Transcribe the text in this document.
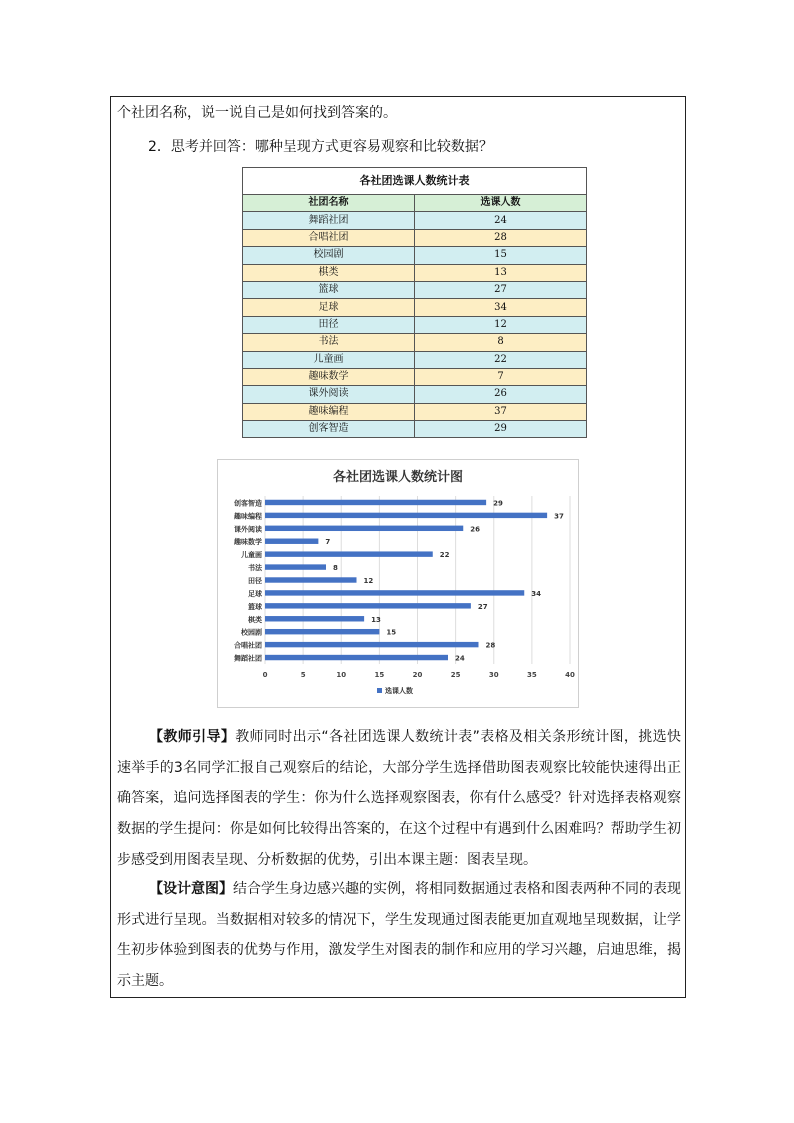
个社团名称，说一说自己是如何找到答案的。
2．思考并回答：哪种呈现方式更容易观察和比较数据？
各社团选课人数统计表	
社团名称	选课人数
舞蹈社团	24
合唱社团	28
校园剧	15
棋类	13
篮球	27
足球	34
田径	12
书法	8
儿童画	22
趣味数学	7
课外阅读	26
趣味编程	37
创客智造	29
各社团选课人数统计图
0	5	10	15	20	25	30	35	40
舞蹈社团	24
合唱社团	28
校园剧	15
棋类	13
篮球	27
足球	34
田径	12
书法	8
儿童画	22
趣味数学	7
课外阅读	26
趣味编程	37
创客智造	29
选课人数

【教师引导】教师同时出示“各社团选课人数统计表”表格及相关条形统计图，挑选快速举手的3名同学汇报自己观察后的结论，大部分学生选择借助图表观察比较能快速得出正确答案，追问选择图表的学生：你为什么选择观察图表，你有什么感受？针对选择表格观察数据的学生提问：你是如何比较得出答案的，在这个过程中有遇到什么困难吗？帮助学生初步感受到用图表呈现、分析数据的优势，引出本课主题：图表呈现。

【设计意图】结合学生身边感兴趣的实例，将相同数据通过表格和图表两种不同的表现形式进行呈现。当数据相对较多的情况下，学生发现通过图表能更加直观地呈现数据，让学生初步体验到图表的优势与作用，激发学生对图表的制作和应用的学习兴趣，启迪思维，揭示主题。
